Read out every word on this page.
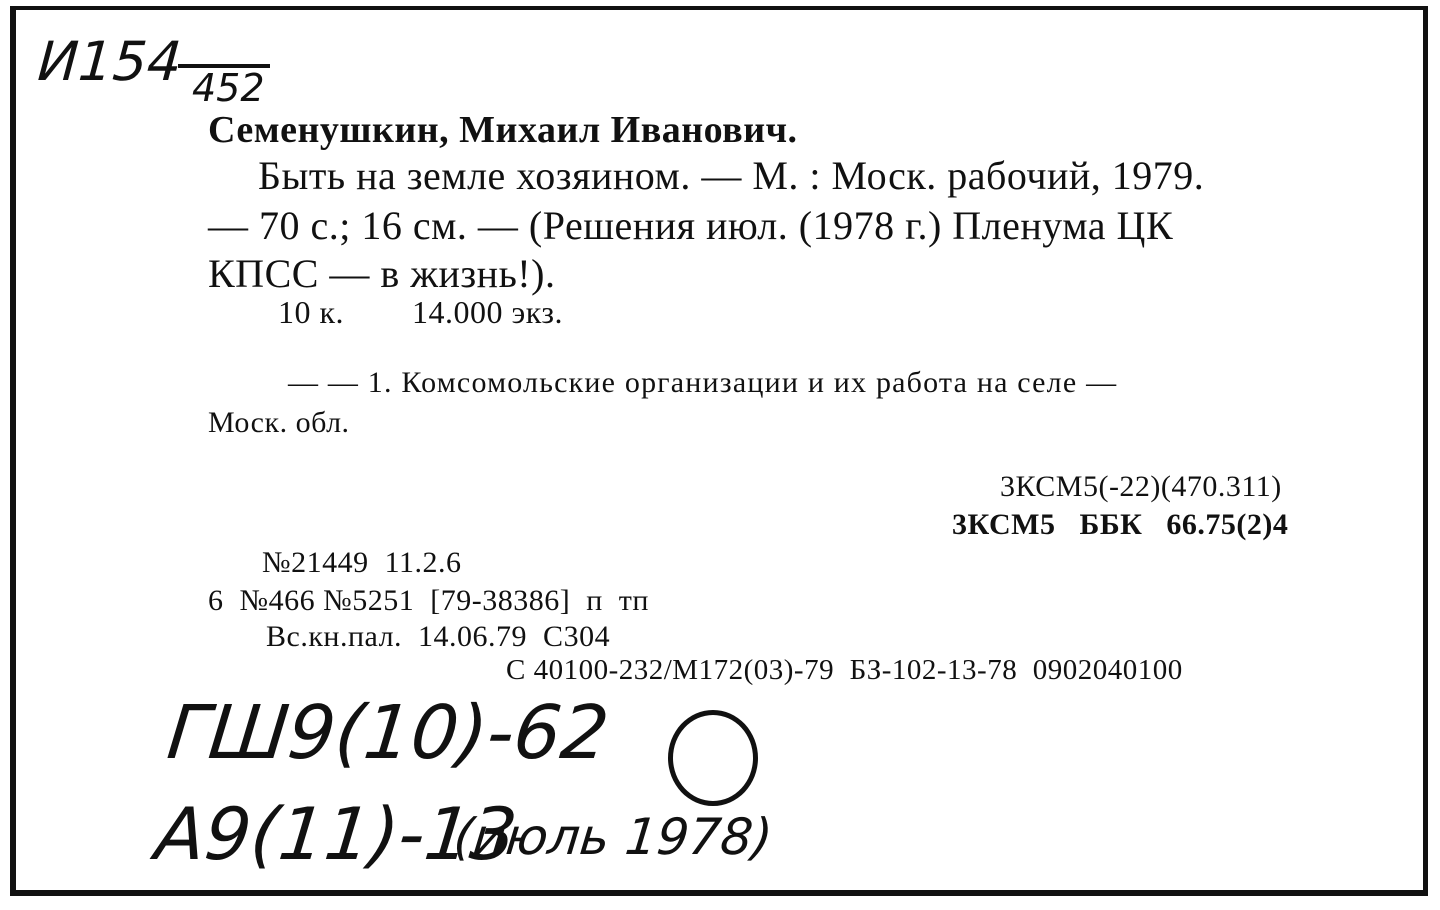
И154 452
Семенушкин, Михаил Иванович.
Быть на земле хозяином. — М. : Моск. рабочий, 1979.
— 70 с.; 16 см. — (Решения июл. (1978 г.) Пленума ЦК
КПСС — в жизнь!).
10 к. 14.000 экз.
— — 1. Комсомольские организации и их работа на селе —
Моск. обл.
3КСМ5(-22)(470.311)
3КСМ5   ББК   66.75(2)4
№21449  11.2.6
6  №466 №5251  [79-38386]  п  тп
Вс.кн.пал.  14.06.79  С304
С 40100-232/М172(03)-79  БЗ-102-13-78  0902040100
ГШ9(10)-62
А9(11)-13
(июль 1978)
